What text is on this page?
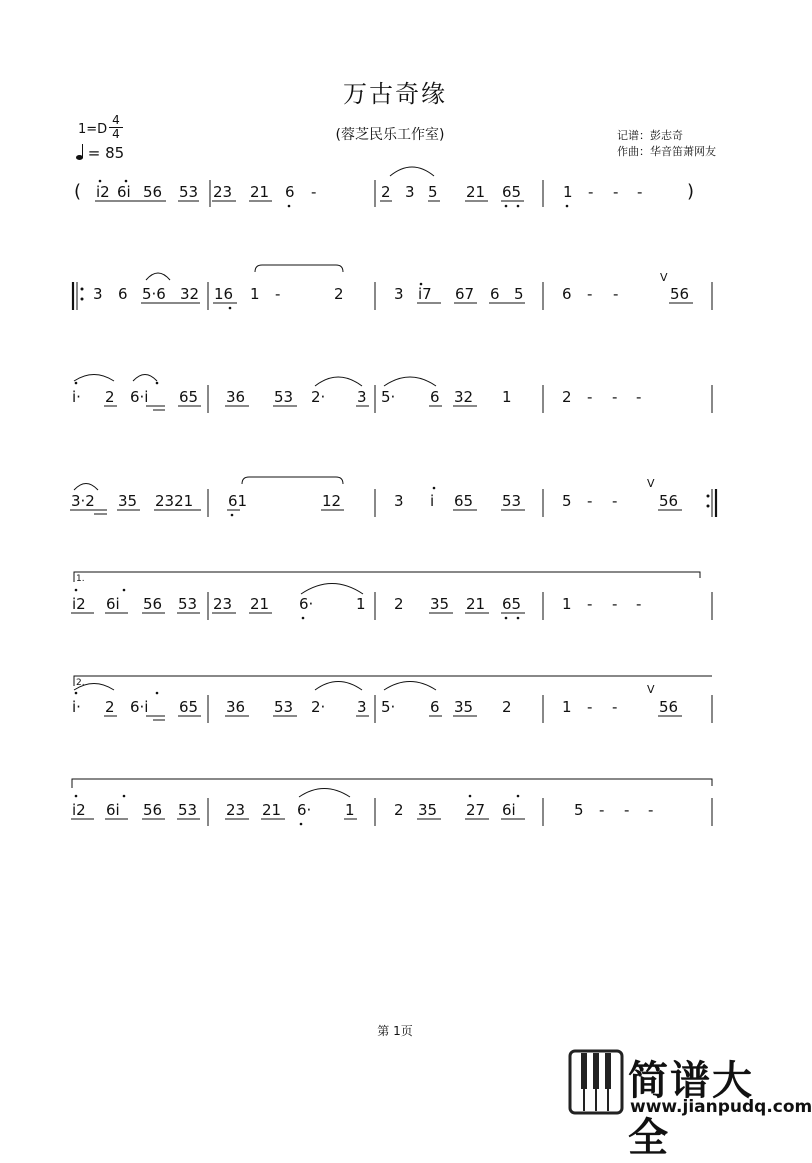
万古奇缘
(蓉芝民乐工作室)
1=D
4
4
= 85
记谱：彭志奇
作曲：华音笛萧网友
( i2 6i 56 53 23 21 6 -	2 3 5 21 65	1 - - - )
3 6 5·6 32 16 1 -	2	3 i7 67 6 5	6 - -
V
56
i· 2 6·i 65 36 53 2· 3 5· 6 32 1	2 - - -
3·2 35 2321 61	12	3 i 65 53	5 - -
V
56
1.
i2 6i 56 53 23 21 6·	1 2 35 21 65	1 - - -
2.
i· 2 6·i 65 36 53 2· 3 5· 6 35 2	1 - -
V
56
i2 6i 56 53 23 21 6· 1	2 35 27 6i	5 - - -
第 1页
简谱大全
www.jianpudq.com
